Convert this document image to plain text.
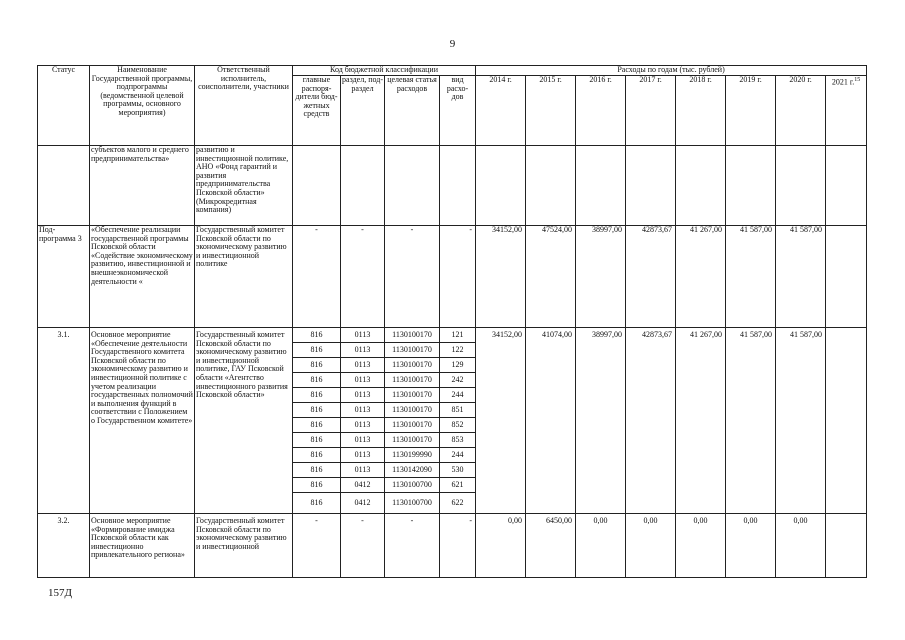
9
Статус	Наименование Государственной программы, подпрограммы (ведомственной целевой программы, основного мероприятия)	Ответственный исполнитель, соисполнители, участники	Код бюджетной классификации				Расходы по годам (тыс. рублей)							
			главные распоря-дители бюд-жетных средств	раздел, под-раздел	целевая статья расходов	вид расхо-дов	2014 г.	2015 г.	2016 г.	2017 г.	2018 г.	2019 г.	2020 г.	2021 г.$^{15}$
	субъектов малого и среднего предпринимательства»	развитию и инвестиционной политике, АНО «Фонд гарантий и развития предпринимательства Псковской области» (Микрокредитная компания)												
Под-программа 3	«Обеспечение реализации государственной программы Псковской области «Содействие экономическому развитию, инвестиционной и внешнеэкономической деятельности «	Государственный комитет Псковской области по экономическому развитию и инвестиционной политике	-	-	-	-	34152,00	47524,00	38997,00	42873,67	41 267,00	41 587,00	41 587,00	
3.1.	Основное мероприятие «Обеспечение деятельности Государственного комитета Псковской области по экономическому развитию и инвестиционной политике с учетом реализации государственных полномочий и выполнения функций в соответствии с Положением о Государственном комитете»	Государственный комитет Псковской области по экономическому развитию и инвестиционной политике, ГАУ Псковской области «Агентство инвестиционного развития Псковской области»	816	0113	1130100170	121	34152,00	41074,00	38997,00	42873,67	41 267,00	41 587,00	41 587,00	
			816	0113	1130100170	122								
			816	0113	1130100170	129								
			816	0113	1130100170	242								
			816	0113	1130100170	244								
			816	0113	1130100170	851								
			816	0113	1130100170	852								
			816	0113	1130100170	853								
			816	0113	1130199990	244								
			816	0113	1130142090	530								
			816	0412	1130100700	621								
			816	0412	1130100700	622								
3.2.	Основное мероприятие «Формирование имиджа Псковской области как инвестиционно привлекательного региона»	Государственный комитет Псковской области по экономическому развитию и инвестиционной	-	-	-	-	0,00	6450,00	0,00	0,00	0,00	0,00	0,00	
157Д
